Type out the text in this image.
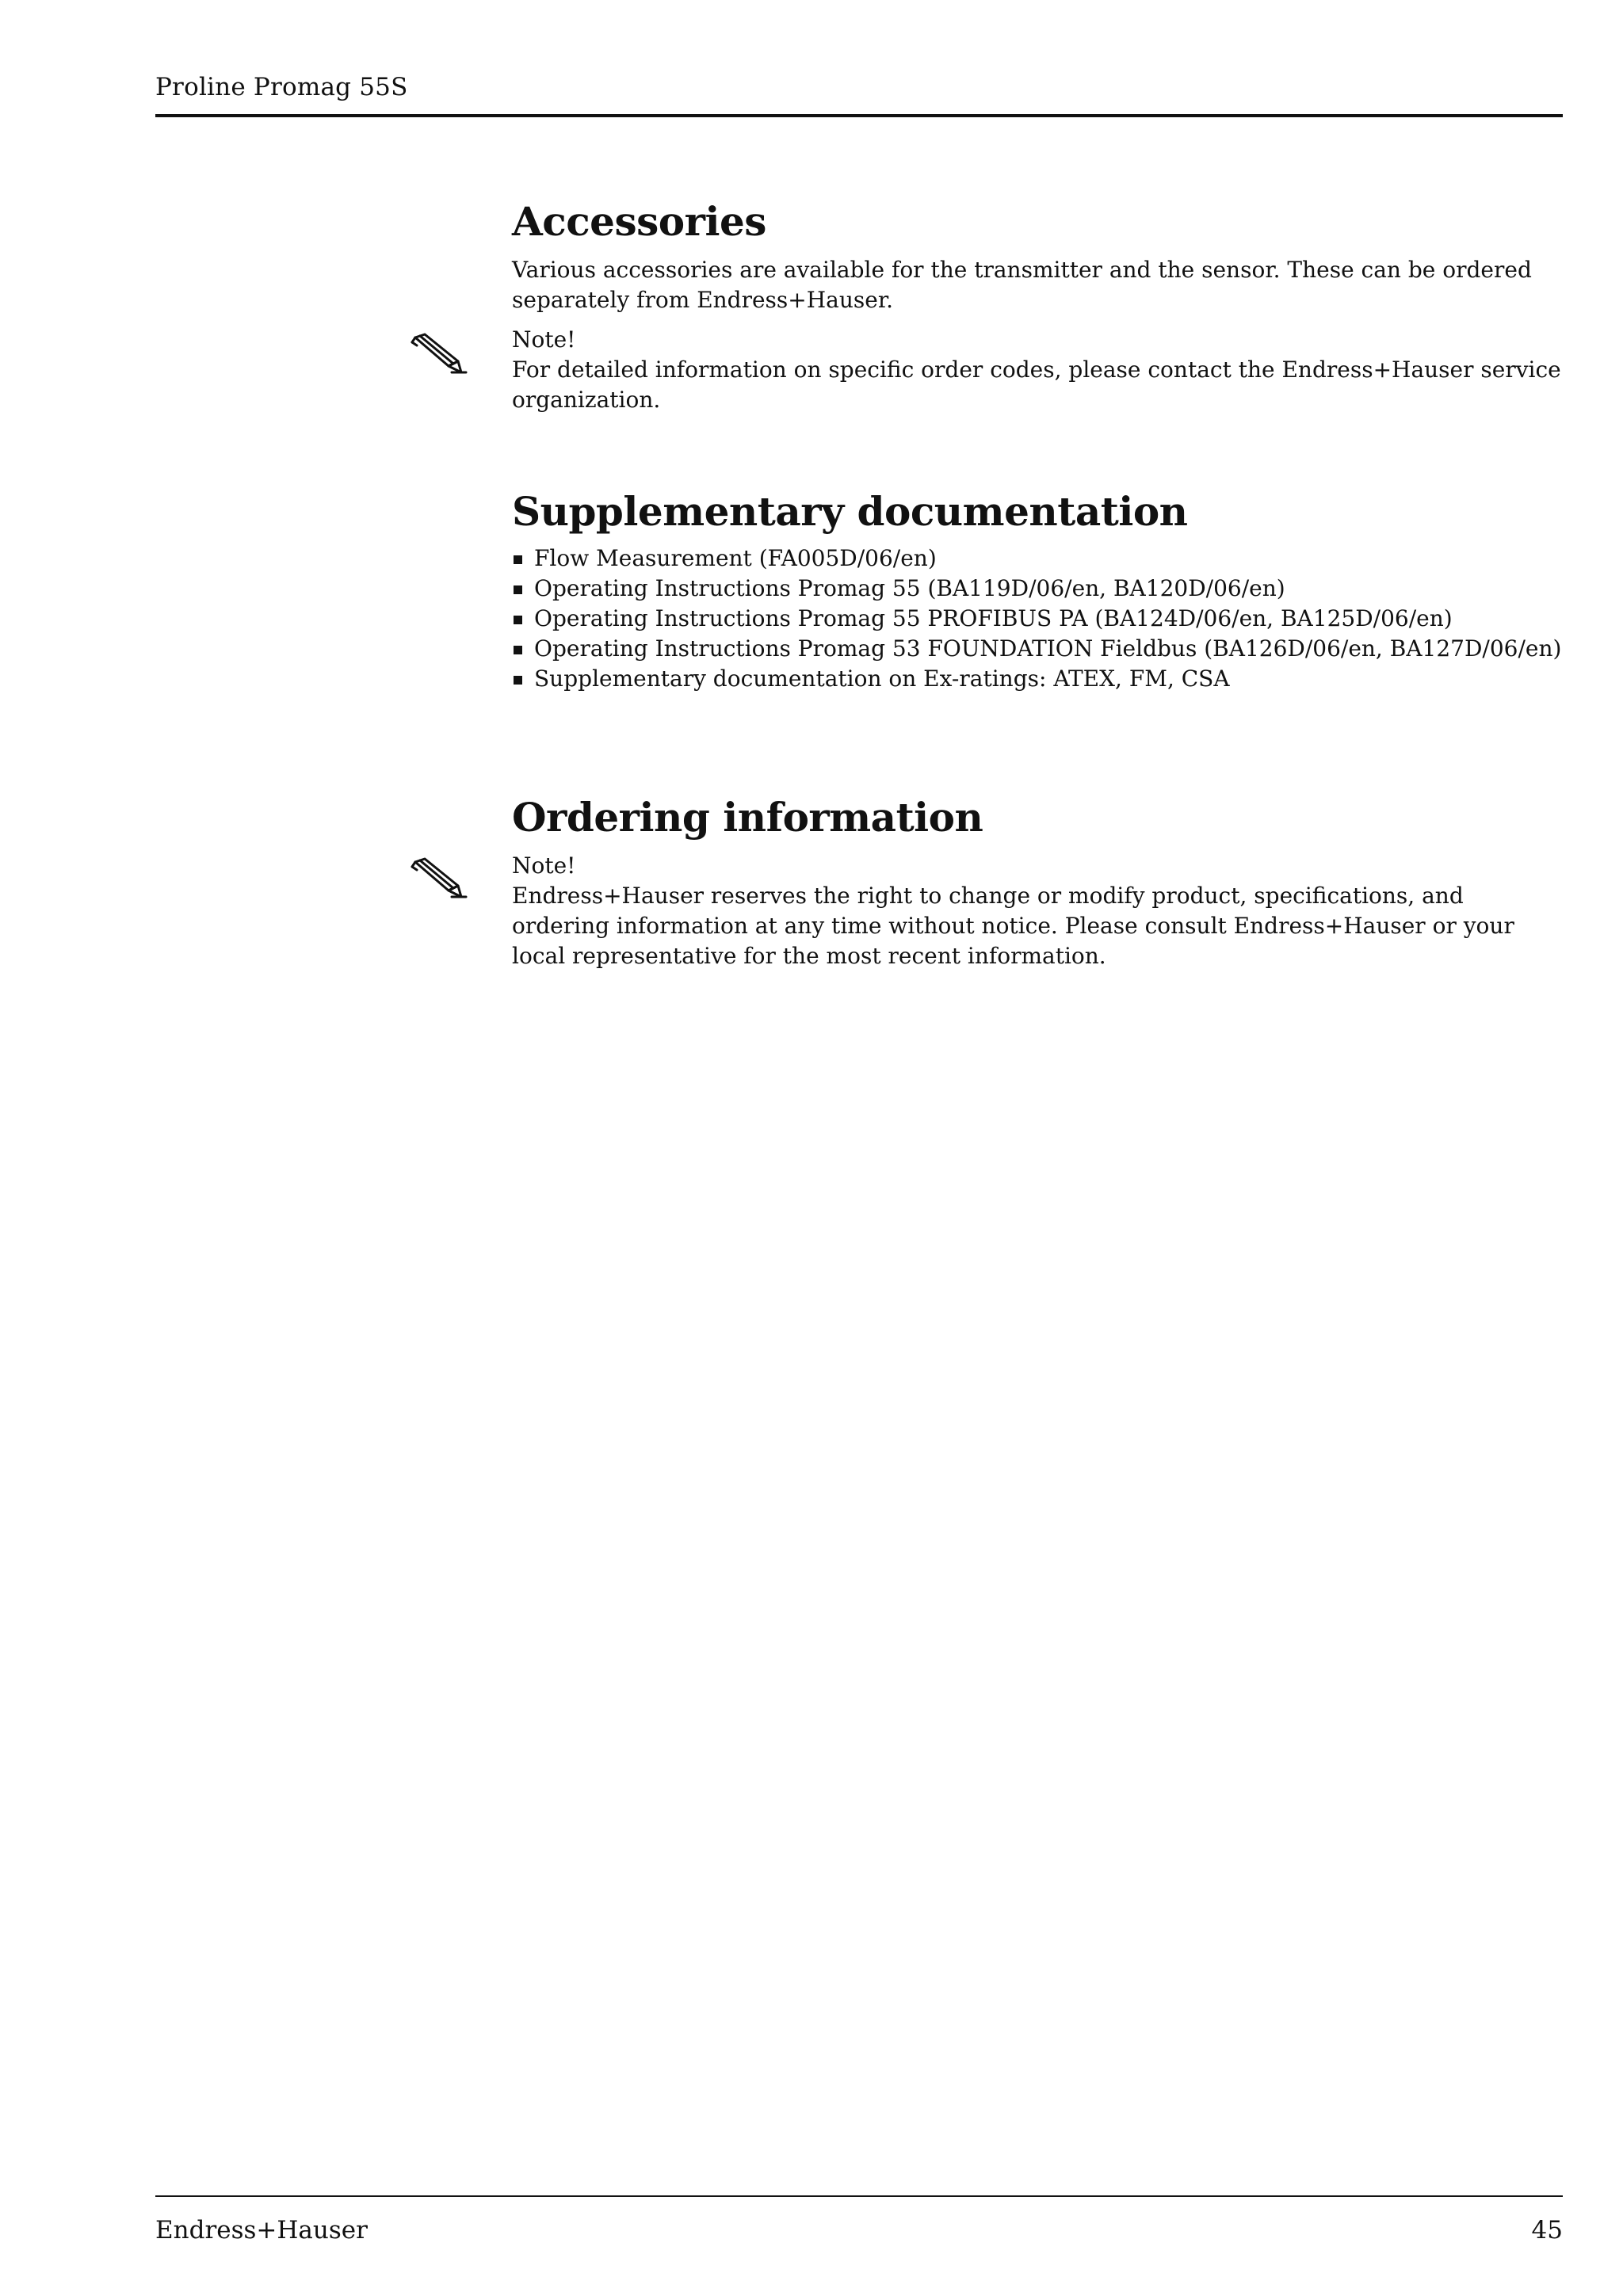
Proline Promag 55S
Accessories

Various accessories are available for the transmitter and the sensor. These can be ordered separately from Endress+Hauser.

Note!
For detailed information on specific order codes, please contact the Endress+Hauser service organization.
Supplementary documentation
Flow Measurement (FA005D/06/en)
Operating Instructions Promag 55 (BA119D/06/en, BA120D/06/en)
Operating Instructions Promag 55 PROFIBUS PA (BA124D/06/en, BA125D/06/en)
Operating Instructions Promag 53 FOUNDATION Fieldbus (BA126D/06/en, BA127D/06/en)
Supplementary documentation on Ex-ratings: ATEX, FM, CSA
Ordering information
Note!
Endress+Hauser reserves the right to change or modify product, specifications, and ordering information at any time without notice. Please consult Endress+Hauser or your local representative for the most recent information.
Endress+Hauser	45
